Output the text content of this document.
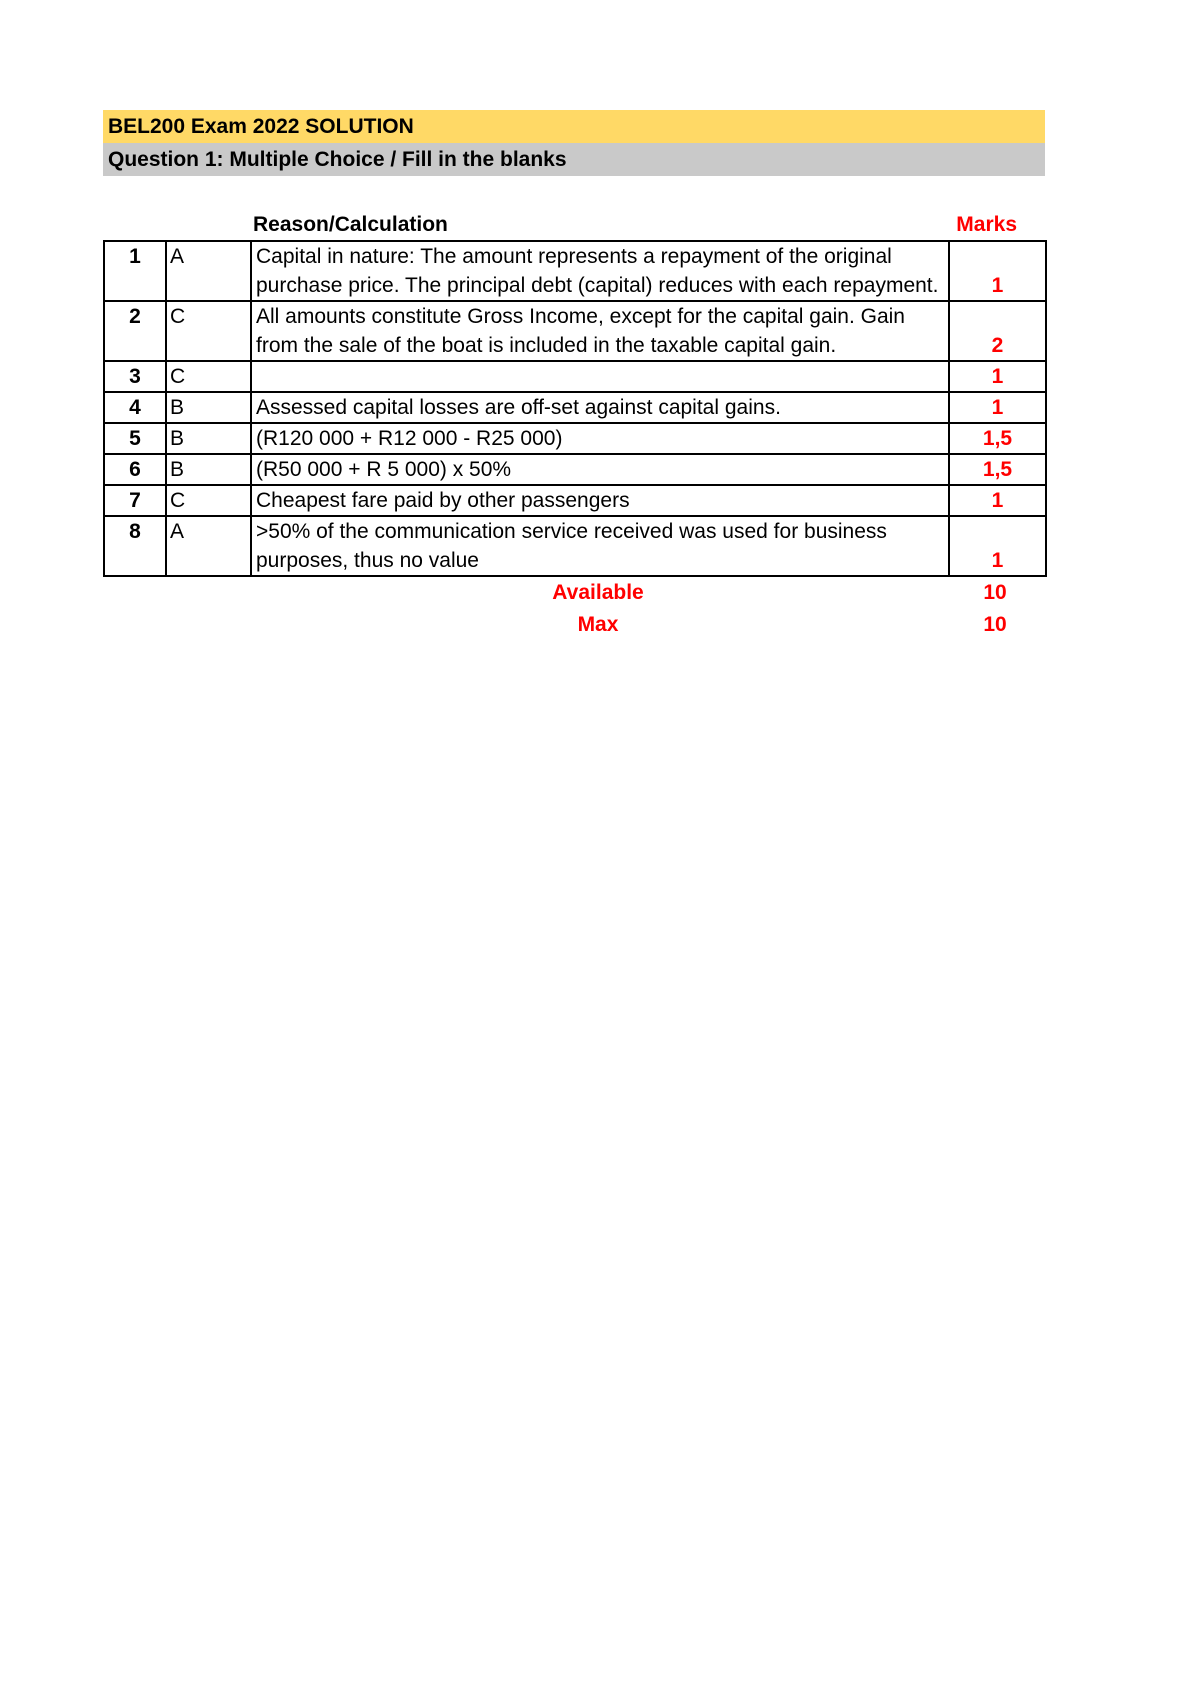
BEL200 Exam 2022 SOLUTION
Question 1: Multiple Choice / Fill in the blanks
Reason/Calculation	Marks
1	A	Capital in nature: The amount represents a repayment of the original purchase price. The principal debt (capital) reduces with each repayment.	1
2	C	All amounts constitute Gross Income, except for the capital gain. Gain from the sale of the boat is included in the taxable capital gain.	2
3	C		1
4	B	Assessed capital losses are off-set against capital gains.	1
5	B	(R120 000 + R12 000 - R25 000)	1,5
6	B	(R50 000 + R 5 000) x 50%	1,5
7	C	Cheapest fare paid by other passengers	1
8	A	>50% of the communication service received was used for business purposes, thus no value	1
Available	10
Max	10
